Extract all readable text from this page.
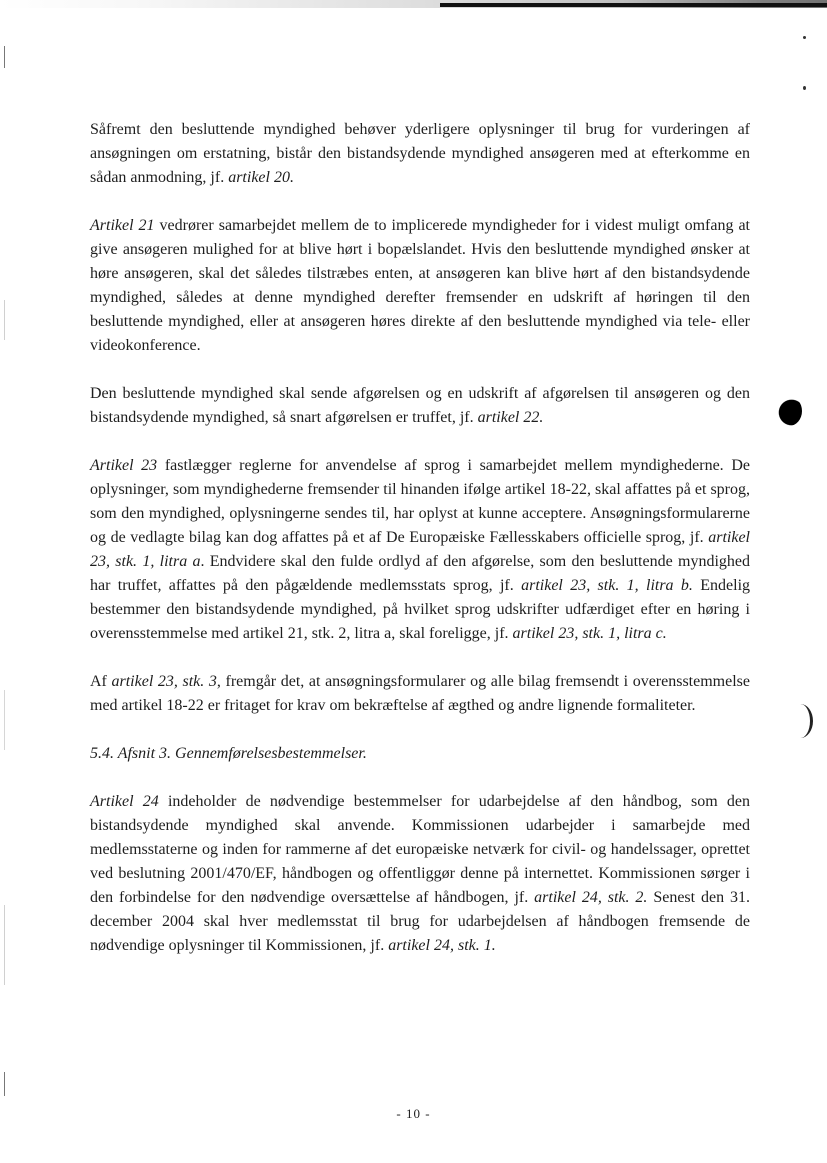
Såfremt den besluttende myndighed behøver yderligere oplysninger til brug for vurderingen af ansøgningen om erstatning, bistår den bistandsydende myndighed ansøgeren med at efterkomme en sådan anmodning, jf. artikel 20.

Artikel 21 vedrører samarbejdet mellem de to implicerede myndigheder for i videst muligt omfang at give ansøgeren mulighed for at blive hørt i bopælslandet. Hvis den besluttende myndighed ønsker at høre ansøgeren, skal det således tilstræbes enten, at ansøgeren kan blive hørt af den bistandsydende myndighed, således at denne myndighed derefter fremsender en udskrift af høringen til den besluttende myndighed, eller at ansøgeren høres direkte af den besluttende myndighed via tele- eller videokonference.

Den besluttende myndighed skal sende afgørelsen og en udskrift af afgørelsen til ansøgeren og den bistandsydende myndighed, så snart afgørelsen er truffet, jf. artikel 22.

Artikel 23 fastlægger reglerne for anvendelse af sprog i samarbejdet mellem myndighederne. De oplysninger, som myndighederne fremsender til hinanden ifølge artikel 18-22, skal affattes på et sprog, som den myndighed, oplysningerne sendes til, har oplyst at kunne acceptere. Ansøgningsformularerne og de vedlagte bilag kan dog affattes på et af De Europæiske Fællesskabers officielle sprog, jf. artikel 23, stk. 1, litra a. Endvidere skal den fulde ordlyd af den afgørelse, som den besluttende myndighed har truffet, affattes på den pågældende medlemsstats sprog, jf. artikel 23, stk. 1, litra b. Endelig bestemmer den bistandsydende myndighed, på hvilket sprog udskrifter udfærdiget efter en høring i overensstemmelse med artikel 21, stk. 2, litra a, skal foreligge, jf. artikel 23, stk. 1, litra c.

Af artikel 23, stk. 3, fremgår det, at ansøgningsformularer og alle bilag fremsendt i overensstemmelse med artikel 18-22 er fritaget for krav om bekræftelse af ægthed og andre lignende formaliteter.

5.4. Afsnit 3. Gennemførelsesbestemmelser.

Artikel 24 indeholder de nødvendige bestemmelser for udarbejdelse af den håndbog, som den bistandsydende myndighed skal anvende. Kommissionen udarbejder i samarbejde med medlemsstaterne og inden for rammerne af det europæiske netværk for civil- og handelssager, oprettet ved beslutning 2001/470/EF, håndbogen og offentliggør denne på internettet. Kommissionen sørger i den forbindelse for den nødvendige oversættelse af håndbogen, jf. artikel 24, stk. 2. Senest den 31. december 2004 skal hver medlemsstat til brug for udarbejdelsen af håndbogen fremsende de nødvendige oplysninger til Kommissionen, jf. artikel 24, stk. 1.

- 10 -
